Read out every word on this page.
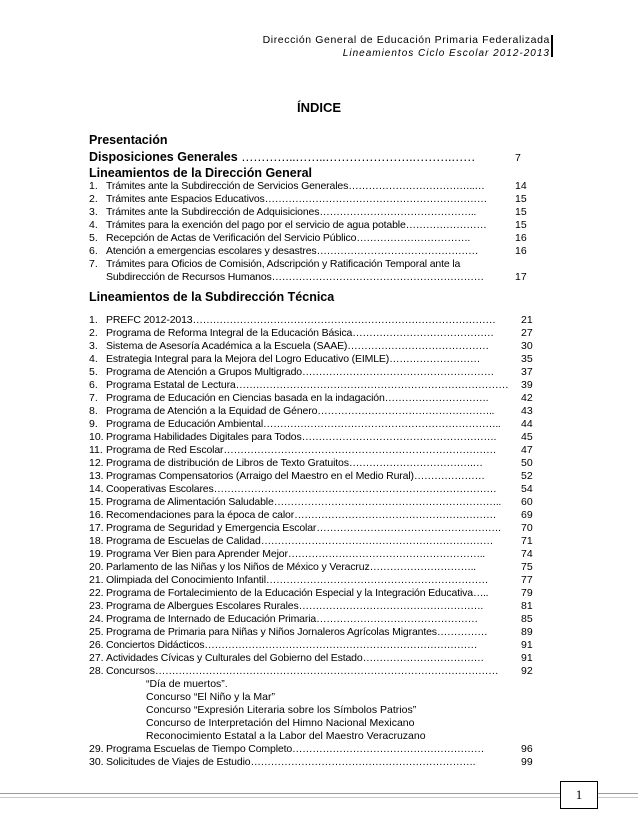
Dirección General de Educación Primaria Federalizada
Lineamientos Ciclo Escolar 2012-2013
ÍNDICE
Presentación
Disposiciones Generales …………..……..………………….……….……	7
Lineamientos de la Dirección General
1. Trámites ante la Subdirección de Servicios Generales………………………………..…	14
2. Trámites ante Espacios Educativos…………………………………………………………	15
3. Trámites ante la Subdirección de Adquisiciones………………………………………..	15
4. Trámites para la exención del pago por el servicio de agua potable……………………	15
5. Recepción de Actas de Verificación del Servicio Público…………………………….	16
6. Atención a emergencias escolares y desastres…………………………………………	16
7. Trámites para Oficios de Comisión, Adscripción y Ratificación Temporal ante la
Subdirección de Recursos Humanos………………………………………………………	17
Lineamientos de la Subdirección Técnica
1. PREFC 2012-2013……………………………………………………………………………… 21
2. Programa de Reforma Integral de la Educación Básica……………………………………	27
3. Sistema de Asesoría Académica a la Escuela (SAAE)……………………………………	30
4. Estrategia Integral para la Mejora del Logro Educativo (EIMLE)………………………	35
5. Programa de Atención a Grupos Multigrado…………………………………………………	37
6. Programa Estatal de Lectura……………………………………………………………………… 39
7. Programa de Educación en Ciencias basada en la indagación………………………….	42
8. Programa de Atención a la Equidad de Género……………………………………………..	43
9. Programa de Educación Ambiental…………………………………………………………….. 44
10. Programa Habilidades Digitales para Todos…………………………………………………. 45
11. Programa de Red Escolar……………………………………………………………………… 47
12. Programa de distribución de Libros de Texto Gratuitos……………………………….…	50
13. Programas Compensatorios (Arraigo del Maestro en el Medio Rural)…………………	52
14. Cooperativas Escolares………………………………………………………………………… 54
15. Programa de Alimentación Saludable………………………………………………………….. 60
16. Recomendaciones para la época de calor…………………………………………………… 69
17. Programa de Seguridad y Emergencia Escolar………………………………………………. 70
18. Programa de Escuelas de Calidad……………………………………………………………	71
19. Programa Ver Bien para Aprender Mejor…………………………………………………..	74
20. Parlamento de las Niñas y los Niños de México y Veracruz…………………………..	75
21. Olimpiada del Conocimiento Infantil…………………………………………………………	77
22. Programa de Fortalecimiento de la Educación Especial y la Integración Educativa…..	79
23. Programa de Albergues Escolares Rurales……………………………………………….	81
24. Programa de Internado de Educación Primaria…………………………………………	85
25. Programa de Primaria para Niñas y Niños Jornaleros Agrícolas Migrantes……………	89
26. Conciertos Didácticos………………………………………………………………………	91
27. Actividades Cívicas y Culturales del Gobierno del Estado………………………………	91
28. Concursos………………………………………………………………………………………… 92
“Día de muertos”.
Concurso “El Niño y la Mar”
Concurso “Expresión Literaria sobre los Símbolos Patrios”
Concurso de Interpretación del Himno Nacional Mexicano
Reconocimiento Estatal a la Labor del Maestro Veracruzano
29. Programa Escuelas de Tiempo Completo…………………………………………………	96
30. Solicitudes de Viajes de Estudio………………………………………………………….	99
1
